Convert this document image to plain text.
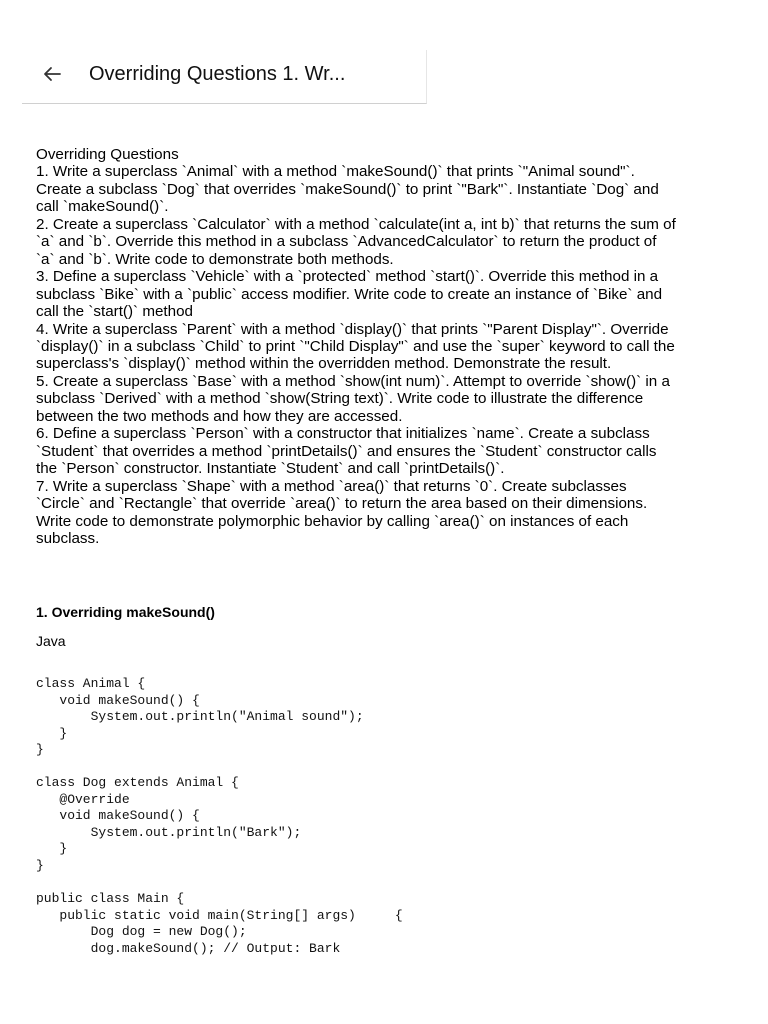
Overriding Questions 1. Wr...
Overriding Questions
1. Write a superclass `Animal` with a method `makeSound()` that prints `"Animal sound"`.
Create a subclass `Dog` that overrides `makeSound()` to print `"Bark"`. Instantiate `Dog` and
call `makeSound()`.
2. Create a superclass `Calculator` with a method `calculate(int a, int b)` that returns the sum of
`a` and `b`. Override this method in a subclass `AdvancedCalculator` to return the product of
`a` and `b`. Write code to demonstrate both methods.
3. Define a superclass `Vehicle` with a `protected` method `start()`. Override this method in a
subclass `Bike` with a `public` access modifier. Write code to create an instance of `Bike` and
call the `start()` method
4. Write a superclass `Parent` with a method `display()` that prints `"Parent Display"`. Override
`display()` in a subclass `Child` to print `"Child Display"` and use the `super` keyword to call the
superclass's `display()` method within the overridden method. Demonstrate the result.
5. Create a superclass `Base` with a method `show(int num)`. Attempt to override `show()` in a
subclass `Derived` with a method `show(String text)`. Write code to illustrate the difference
between the two methods and how they are accessed.
6. Define a superclass `Person` with a constructor that initializes `name`. Create a subclass
`Student` that overrides a method `printDetails()` and ensures the `Student` constructor calls
the `Person` constructor. Instantiate `Student` and call `printDetails()`.
7. Write a superclass `Shape` with a method `area()` that returns `0`. Create subclasses
`Circle` and `Rectangle` that override `area()` to return the area based on their dimensions.
Write code to demonstrate polymorphic behavior by calling `area()` on instances of each
subclass.
1. Overriding makeSound()
Java
class Animal {
void makeSound() {
System.out.println("Animal sound");
}
}

class Dog extends Animal {
@Override
void makeSound() {
System.out.println("Bark");
}
}

public class Main {
public static void main(String[] args)     {
Dog dog = new Dog();
dog.makeSound(); // Output: Bark
